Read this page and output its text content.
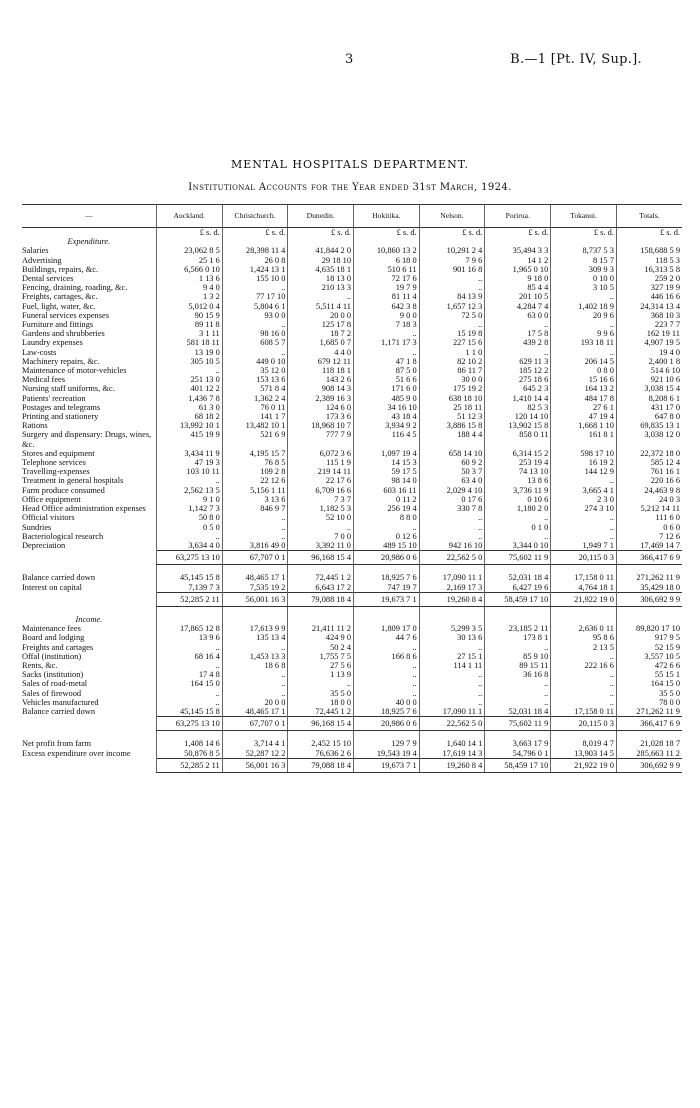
3	B.—1 [Pt. IV, Sup.].
MENTAL HOSPITALS DEPARTMENT.
Institutional Accounts for the Year ended 31st March, 1924.
—	Auckland.	Christchurch.	Dunedin.	Hokitika.	Nelson.	Porirua.	Tokanui.	Totals.
	£ s. d.	£ s. d.	£ s. d.	£ s. d.	£ s. d.	£ s. d.	£ s. d.	£ s. d.
Expenditure.								
Salaries	23,062 8 5	28,398 11 4	41,844 2 0	10,860 13 2	10,291 2 4	35,494 3 3	8,737 5 3	158,688 5 9
Advertising	25 1 6	26 0 8	29 18 10	6 18 0	7 9 6	14 1 2	8 15 7	118 5 3
Buildings, repairs, &c.	6,566 0 10	1,424 13 1	4,635 18 1	510 6 11	901 16 8	1,965 0 10	309 9 3	16,313 5 8
Dental services	1 13 6	155 10 0	18 13 0	72 17 6	..	9 18 0	0 10 0	259 2 0
Fencing, draining, roading, &c.	9 4 0	..	210 13 3	19 7 9	..	85 4 4	3 10 5	327 19 9
Freights, cartages, &c.	1 3 2	77 17 10	..	81 11 4	84 13 9	201 10 5	..	446 16 6
Fuel, light, water, &c.	5,012 0 4	5,804 6 1	5,511 4 11	642 3 8	1,657 12 3	4,284 7 4	1,402 18 9	24,314 13 4
Funeral services expenses	90 15 9	93 0 0	20 0 0	9 0 0	72 5 0	63 0 0	20 9 6	368 10 3
Furniture and fittings	89 11 8	..	125 17 8	7 18 3	..	..	..	223 7 7
Gardens and shrubberies	3 1 11	98 16 0	18 7 2	..	15 19 8	17 5 8	9 9 6	162 19 11
Laundry expenses	581 18 11	608 5 7	1,685 0 7	1,171 17 3	227 15 6	439 2 8	193 18 11	4,907 19 5
Law-costs	13 19 0	..	4 4 0	..	1 1 0	..	..	19 4 0
Machinery repairs, &c.	305 10 5	449 0 10	679 12 11	47 1 8	82 10 2	629 11 3	206 14 5	2,400 1 8
Maintenance of motor-vehicles	..	35 12 0	118 18 1	87 5 0	86 11 7	185 12 2	0 8 0	514 6 10
Medical fees	251 13 0	153 13 6	143 2 6	51 6 6	30 0 0	275 18 6	15 16 6	921 10 6
Nursing staff uniforms, &c.	401 12 2	571 8 4	908 14 3	171 6 0	175 19 2	645 2 3	164 13 2	3,038 15 4
Patients' recreation	1,436 7 8	1,362 2 4	2,389 16 3	485 9 0	638 18 10	1,410 14 4	484 17 8	8,208 6 1
Postages and telegrams	61 3 0	76 0 11	124 6 0	34 16 10	25 18 11	82 5 3	27 6 1	431 17 0
Printing and stationery	68 18 2	141 1 7	173 3 6	43 18 4	51 12 3	120 14 10	47 19 4	647 8 0
Rations	13,992 10 1	13,482 10 1	18,968 10 7	3,934 9 2	3,886 15 8	13,902 15 8	1,668 1 10	69,835 13 1
Surgery and dispensary: Drugs, wines, &c.	415 19 9	521 6 9	777 7 9	116 4 5	188 4 4	858 0 11	161 8 1	3,038 12 0
Stores and equipment	3,434 11 9	4,195 15 7	6,072 3 6	1,097 19 4	658 14 10	6,314 15 2	598 17 10	22,372 18 0
Telephone services	47 19 3	76 8 5	115 1 9	14 15 3	60 9 2	253 19 4	16 19 2	585 12 4
Travelling-expenses	103 10 11	109 2 8	219 14 11	59 17 5	50 3 7	74 13 10	144 12 9	761 16 1
Treatment in general hospitals	..	22 12 6	22 17 6	98 14 0	63 4 0	13 8 6	..	220 16 6
Farm produce consumed	2,562 13 5	5,156 1 11	6,709 16 6	603 16 11	2,029 4 10	3,736 11 9	3,665 4 1	24,463 9 8
Office equipment	9 1 0	3 13 6	7 3 7	0 11 2	0 17 6	0 10 6	2 3 0	24 0 3
Head Office administration expenses	1,142 7 3	846 9 7	1,182 5 3	256 19 4	330 7 8	1,180 2 0	274 3 10	5,212 14 11
Official visitors	50 8 0	..	52 10 0	8 8 0	..	..	..	111 6 0
Sundries	0 5 0	..	..	..	..	0 1 0	..	0 6 0
Bacteriological research	..	..	7 0 0	0 12 6	..	..	..	7 12 6
Depreciation	3,634 4 0	3,816 49 0	3,392 11 0	489 15 10	942 16 10	3,344 0 10	1,949 7 1	17,469 14 7
	63,275 13 10	67,707 0 1	96,168 15 4	20,986 0 6	22,562 5 0	75,602 11 9	20,115 0 3	366,417 6 9

Balance carried down	45,145 15 8	48,465 17 1	72,445 1 2	18,925 7 6	17,090 11 1	52,031 18 4	17,158 0 11	271,262 11 9
Interest on capital	7,139 7 3	7,535 19 2	6,643 17 2	747 19 7	2,169 17 3	6,427 19 6	4,764 18 1	35,429 18 0
	52,285 2 11	56,001 16 3	79,088 18 4	19,673 7 1	19,260 8 4	58,459 17 10	21,922 19 0	306,692 9 9

Income.								
Maintenance fees	17,865 12 8	17,613 9 9	21,411 11 2	1,809 17 0	5,299 3 5	23,185 2 11	2,636 0 11	89,820 17 10
Board and lodging	13 9 6	135 13 4	424 9 0	44 7 6	30 13 6	173 8 1	95 8 6	917 9 5
Freights and cartages	..	..	50 2 4	..	..	..	2 13 5	52 15 9
Offal (institution)	68 16 4	1,453 13 3	1,755 7 5	166 8 6	27 15 1	85 9 10	..	3,557 10 5
Rents, &c.	..	18 6 8	27 5 6	..	114 1 11	89 15 11	222 16 6	472 6 6
Sacks (institution)	17 4 8	..	1 13 9	..	..	36 16 8	..	55 15 1
Sales of road-metal	164 15 0	..	..	..	..	..	..	164 15 0
Sales of firewood	..	..	35 5 0	..	..	..	..	35 5 0
Vehicles manufactured	..	20 0 0	18 0 0	40 0 0	..	..	..	78 0 0
Balance carried down	45,145 15 8	48,465 17 1	72,445 1 2	18,925 7 6	17,090 11 1	52,031 18 4	17,158 0 11	271,262 11 9
	63,275 13 10	67,707 0 1	96,168 15 4	20,986 0 6	22,562 5 0	75,602 11 9	20,115 0 3	366,417 6 9

Net profit from farm	1,408 14 6	3,714 4 1	2,452 15 10	129 7 9	1,640 14 1	3,663 17 9	8,019 4 7	21,028 18 7
Excess expenditure over income	50,876 8 5	52,287 12 2	76,636 2 6	19,543 19 4	17,619 14 3	54,796 0 1	13,903 14 5	285,663 11 2
	52,285 2 11	56,001 16 3	79,088 18 4	19,673 7 1	19,260 8 4	58,459 17 10	21,922 19 0	306,692 9 9
